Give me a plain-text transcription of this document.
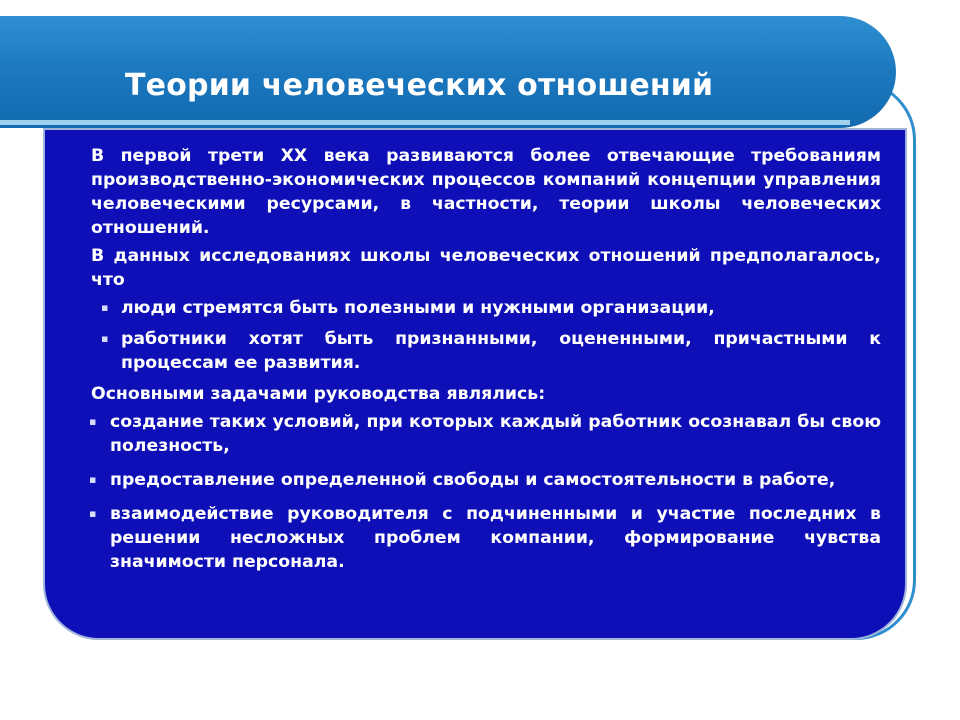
Теории человеческих отношений

В первой трети XX века развиваются более отвечающие требованиям производственно-экономических процессов компаний концепции управления человеческими ресурсами, в частности, теории школы человеческих отношений.

В данных исследованиях школы человеческих отношений предполагалось, что

▪ люди стремятся быть полезными и нужными организации,
▪ работники хотят быть признанными, оцененными, причастными к процессам ее развития.

Основными задачами руководства являлись:

▪ создание таких условий, при которых каждый работник осознавал бы свою полезность,
▪ предоставление определенной свободы и самостоятельности в работе,
▪ взаимодействие руководителя с подчиненными и участие последних в решении несложных проблем компании, формирование чувства значимости персонала.
